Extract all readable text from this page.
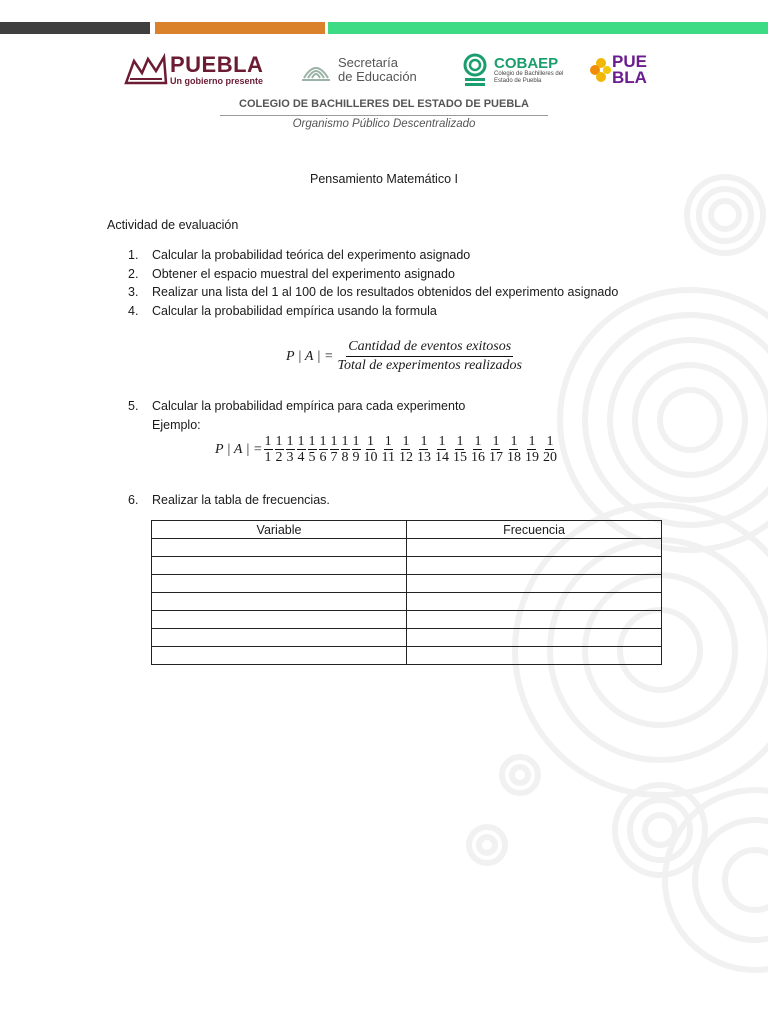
PUEBLA
Un gobierno presente
Secretaría
de Educación
COBAEP
Colegio de Bachilleres del Estado de Puebla
PUE
BLA
COLEGIO DE BACHILLERES DEL ESTADO DE PUEBLA
Organismo Público Descentralizado
Pensamiento Matemático I
Actividad de evaluación
1.	Calcular la probabilidad teórica del experimento asignado
2.	Obtener el espacio muestral del experimento asignado
3.	Realizar una lista del 1 al 100 de los resultados obtenidos del experimento asignado
4.	Calcular la probabilidad empírica usando la formula
P | A | = $\frac{\text{Cantidad de eventos exitosos}}{\text{Total de experimentos realizados}}$
5.	Calcular la probabilidad empírica para cada experimento
Ejemplo:
P | A | = $\frac{1}{1} \frac{1}{2} \frac{1}{3} \frac{1}{4} \frac{1}{5} \frac{1}{6} \frac{1}{7} \frac{1}{8} \frac{1}{9} \frac{1}{10} \frac{1}{11} \frac{1}{12} \frac{1}{13} \frac{1}{14} \frac{1}{15} \frac{1}{16} \frac{1}{17} \frac{1}{18} \frac{1}{19} \frac{1}{20}$
6.	Realizar la tabla de frecuencias.
Variable	Frecuencia
